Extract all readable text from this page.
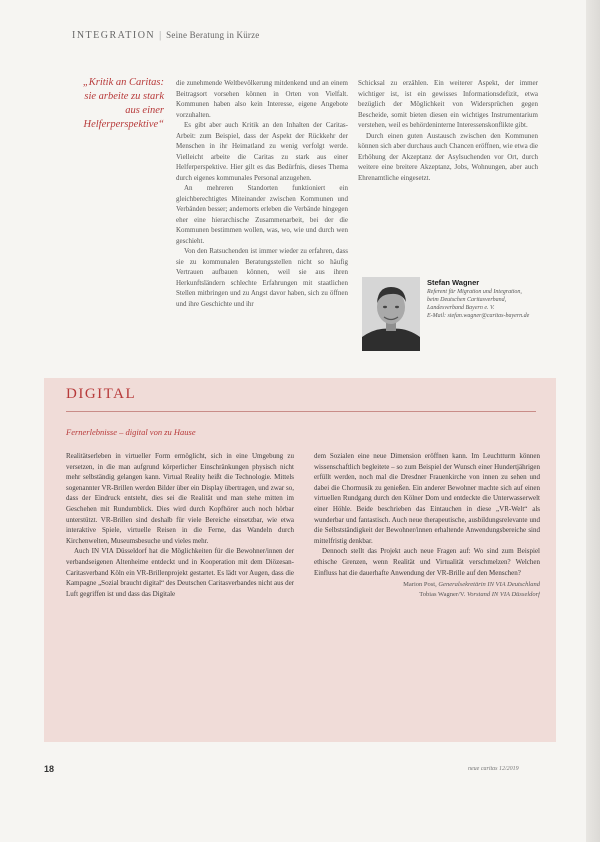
INTEGRATION | Seine Beratung in Kürze
„Kritik an Caritas: sie arbeite zu stark aus einer Helferperspektive“

die zunehmende Weltbevölkerung mitdenkend und an einem Beitragsort vorsehen können in Orten von Vielfalt. Kommunen haben also kein Interesse, eigene Angebote vorzuhalten.

Es gibt aber auch Kritik an den Inhalten der Caritas-Arbeit: zum Beispiel, dass der Aspekt der Rückkehr der Menschen in ihr Heimatland zu wenig verfolgt werde. Vielleicht arbeite die Caritas zu stark aus einer Helferperspektive. Hier gilt es das Bedürfnis, dieses Thema durch eigenes kommunales Personal anzugehen.

An mehreren Standorten funktioniert ein gleichberechtigtes Miteinander zwischen Kommunen und Verbänden besser; andernorts erleben die Verbände hingegen eher eine hierarchische Zusammenarbeit, bei der die Kommunen bestimmen wollen, was, wo, wie und durch wen geschieht.

Von den Ratsuchenden ist immer wieder zu erfahren, dass sie zu kommunalen Beratungsstellen nicht so häufig Vertrauen aufbauen können, weil sie aus ihren Herkunftsländern schlechte Erfahrungen mit staatlichen Stellen mitbringen und zu Angst davor haben, sich zu öffnen und ihre Geschichte und ihr

Schicksal zu erzählen. Ein weiterer Aspekt, der immer wichtiger ist, ist ein gewisses Informationsdefizit, etwa bezüglich der Möglichkeit von Widersprüchen gegen Bescheide, somit bieten diesen ein wichtiges Instrumentarium verstehen, weil es behördeninterne Interessenskonflikte gibt.

Durch einen guten Austausch zwischen den Kommunen können sich aber durchaus auch Chancen eröffnen, wie etwa die Erhöhung der Akzeptanz der Asylsuchenden vor Ort, durch weitere eine breitere Akzeptanz, Jobs, Wohnungen, aber auch Ehrenamtliche eingesetzt.

Stefan Wagner
Referent für Migration und Integration,
beim Deutschen Caritasverband,
Landesverband Bayern e. V.
E-Mail: stefan.wagner@caritas-bayern.de
DIGITAL
Fernerlebnisse – digital von zu Hause

Realitätserleben in virtueller Form ermöglicht, sich in eine Umgebung zu versetzen, in die man aufgrund körperlicher Einschränkungen physisch nicht mehr selbständig gelangen kann. Virtual Reality heißt die Technologie. Mittels sogenannter VR-Brillen werden Bilder über ein Display übertragen, und zwar so, dass der Eindruck entsteht, dies sei die Realität und man stehe mitten im Geschehen mit Rundumblick. Dies wird durch Kopfhörer auch noch hörbar unterstützt. VR-Brillen sind deshalb für viele Bereiche einsetzbar, wie etwa interaktive Spiele, virtuelle Reisen in die Ferne, das Wandeln durch Kirchenwelten, Museumsbesuche und vieles mehr.

Auch IN VIA Düsseldorf hat die Möglichkeiten für die Bewohner/innen der verbandseigenen Altenheime entdeckt und in Kooperation mit dem Diözesan-Caritasverband Köln ein VR-Brillenprojekt gestartet. Es lädt vor Augen, dass die Kampagne „Sozial braucht digital“ des Deutschen Caritasverbandes nicht aus der Luft gegriffen ist und dass das Digitale

dem Sozialen eine neue Dimension eröffnen kann. Im Leuchtturm können wissenschaftlich begleitete – so zum Beispiel der Wunsch einer Hundertjährigen erfüllt werden, noch mal die Dresdner Frauenkirche von innen zu sehen und dabei die Chormusik zu genießen. Ein anderer Bewohner machte sich auf einen virtuellen Rundgang durch den Kölner Dom und entdeckte die Unterwasserwelt einer Höhle. Beide beschrieben das Eintauchen in diese „VR-Welt“ als wunderbar und fantastisch. Auch neue therapeutische, ausbildungsrelevante und die Selbstständigkeit der Bewohner/innen erhaltende Anwendungsbereiche sind mittelfristig denkbar.

Dennoch stellt das Projekt auch neue Fragen auf: Wo sind zum Beispiel ethische Grenzen, wenn Realität und Virtualität verschmelzen? Welchen Einfluss hat die dauerhafte Anwendung der VR-Brille auf den Menschen?

Marion Post, Generalsekretärin IN VIA Deutschland
Tobias Wagner/V. Vorstand IN VIA Düsseldorf
18	neue caritas 12/2019
